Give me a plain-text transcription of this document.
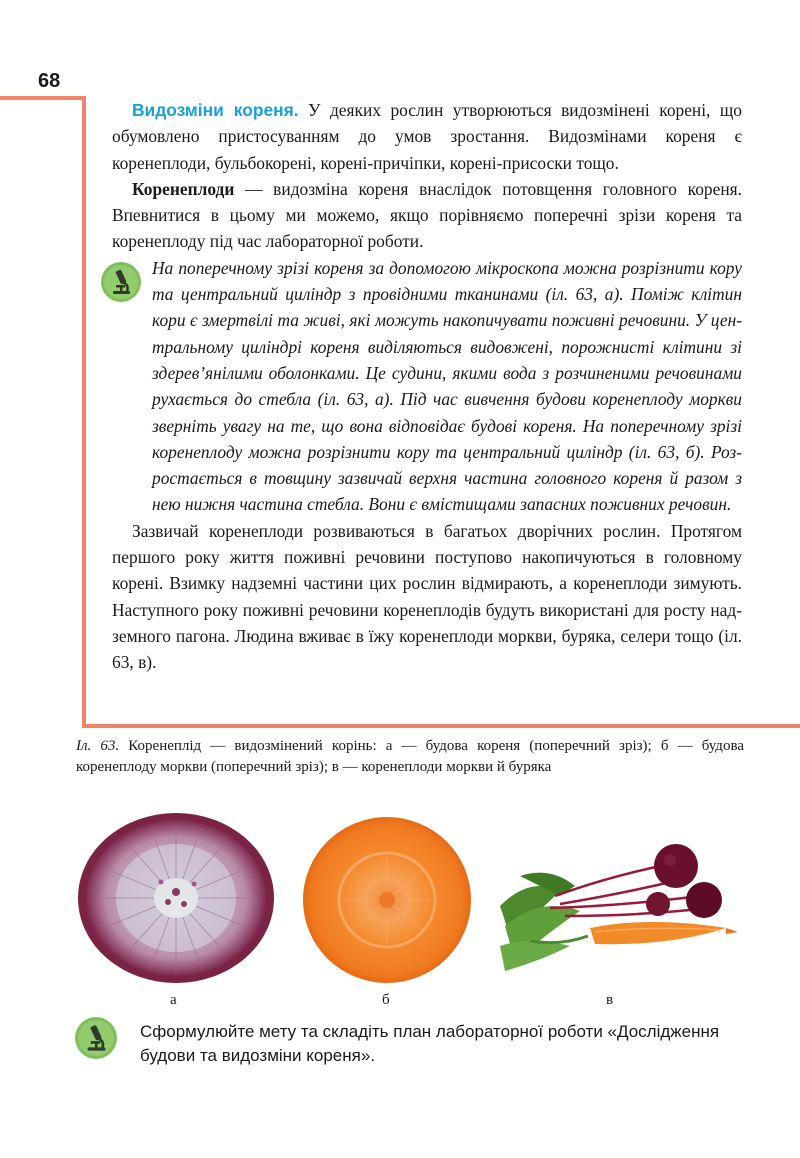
68

Видозміни кореня. У деяких рослин утворюються видозмінені корені, що обумовлено пристосуванням до умов зростання. Видозмінами кореня є коренеплоди, бульбокорені, корені-причіпки, корені-присоски тощо.

Коренеплоди — видозміна кореня внаслідок потовщення головного кореня. Впевнитися в цьому ми можемо, якщо порівняємо поперечні зрізи кореня та коренеплоду під час лабораторної роботи.

На поперечному зрізі кореня за допомогою мікроскопа можна розрізнити кору та центральний циліндр з провідними тканинами (іл. 63, а). Поміж клітин кори є змертвілі та живі, які можуть накопичувати поживні речовини. У центральному циліндрі кореня виділяються видовжені, порожнисті клітини зі здерев’янілими оболонками. Це судини, якими вода з розчиненими речовинами рухається до стебла (іл. 63, а). Під час вивчення будови коренеплоду моркви зверніть увагу на те, що вона відповідає будові кореня. На поперечному зрізі коренеплоду можна розрізнити кору та центральний циліндр (іл. 63, б). Розростається в товщину зазвичай верхня частина головного кореня й разом з нею нижня частина стебла. Вони є вмістищами запасних поживних речовин.

Зазвичай коренеплоди розвиваються в багатьох дворічних рослин. Протягом першого року життя поживні речовини поступово накопичуються в головному корені. Взимку надземні частини цих рослин відмирають, а коренеплоди зимують. Наступного року поживні речовини коренеплодів будуть використані для росту надземного пагона. Людина вживає в їжу коренеплоди моркви, буряка, селери тощо (іл. 63, в).

Іл. 63. Коренеплід — видозмінений корінь: а — будова кореня (поперечний зріз); б — будова коренеплоду моркви (поперечний зріз); в — коренеплоди моркви й буряка
а	б	в
Сформулюйте мету та складіть план лабораторної роботи «Дослідження будови та видозміни кореня».
